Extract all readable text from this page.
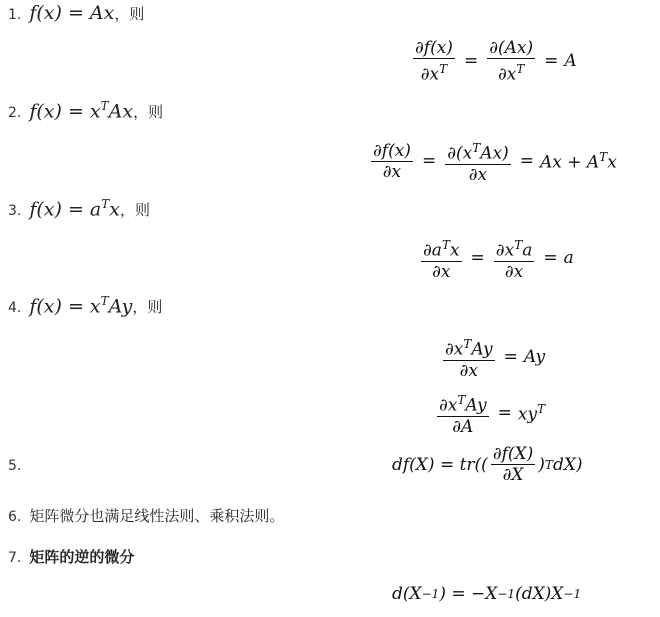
1. f(x) = Ax ，则
$\frac{\partial f(x)}{\partial x^T} = \frac{\partial(Ax)}{\partial x^T} = A$
2. $f(x) = x^TAx$ ，则
$\frac{\partial f(x)}{\partial x} = \frac{\partial(x^TAx)}{\partial x} = Ax + A^Tx$
3. $f(x) = a^Tx$ ，则
$\frac{\partial a^Tx}{\partial x} = \frac{\partial x^Ta}{\partial x} = a$
4. $f(x) = x^TAy$ ，则
$\frac{\partial x^TAy}{\partial x} = Ay$
$\frac{\partial x^TAy}{\partial A} = xy^T$
5.	$df(X) = tr(( \frac{\partial f(X)}{\partial X}$ ) T dX)
6. 矩阵微分也满足线性法则、乘积法则。
7. 矩阵的逆的微分
d(X −1 ) = −X −1 (dX)X −1
